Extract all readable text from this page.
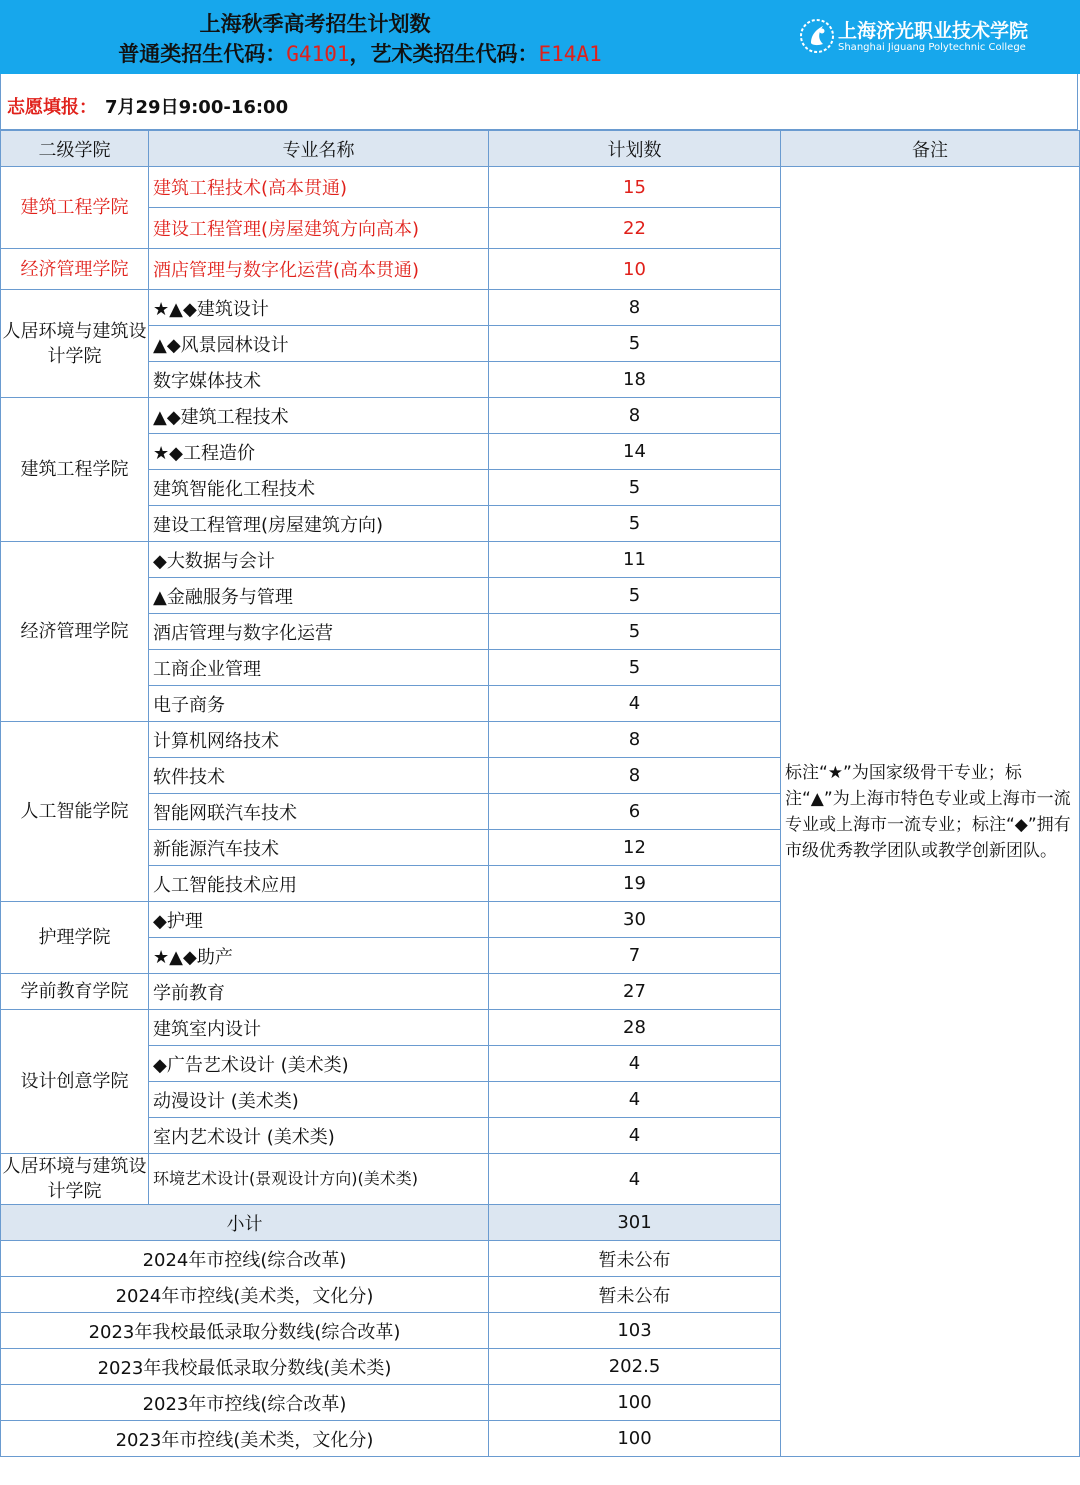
上海秋季高考招生计划数
普通类招生代码：G4101，艺术类招生代码：E14A1
上海济光职业技术学院
Shanghai Jiguang Polytechnic College
志愿填报： 7月29日9:00-16:00
二级学院	专业名称	计划数	备注
建筑工程学院	建筑工程技术(高本贯通)	15	标注“★”为国家级骨干专业；标注“▲”为上海市特色专业或上海市一流专业或上海市一流专业；标注“◆”拥有市级优秀教学团队或教学创新团队。
	建设工程管理(房屋建筑方向高本)	22	
经济管理学院	酒店管理与数字化运营(高本贯通)	10	
人居环境与建筑设计学院	★▲◆建筑设计	8	
	▲◆风景园林设计	5	
	数字媒体技术	18	
建筑工程学院	▲◆建筑工程技术	8	
	★◆工程造价	14	
	建筑智能化工程技术	5	
	建设工程管理(房屋建筑方向)	5	
经济管理学院	◆大数据与会计	11	
	▲金融服务与管理	5	
	酒店管理与数字化运营	5	
	工商企业管理	5	
	电子商务	4	
人工智能学院	计算机网络技术	8	
	软件技术	8	
	智能网联汽车技术	6	
	新能源汽车技术	12	
	人工智能技术应用	19	
护理学院	◆护理	30	
	★▲◆助产	7	
学前教育学院	学前教育	27	
设计创意学院	建筑室内设计	28	
	◆广告艺术设计 (美术类)	4	
	动漫设计 (美术类)	4	
	室内艺术设计 (美术类)	4	
人居环境与建筑设计学院	环境艺术设计(景观设计方向)(美术类)	4	
小计		301	
2024年市控线(综合改革)		暂未公布	
2024年市控线(美术类，文化分)		暂未公布	
2023年我校最低录取分数线(综合改革)		103	
2023年我校最低录取分数线(美术类)		202.5	
2023年市控线(综合改革)		100	
2023年市控线(美术类，文化分)		100	
